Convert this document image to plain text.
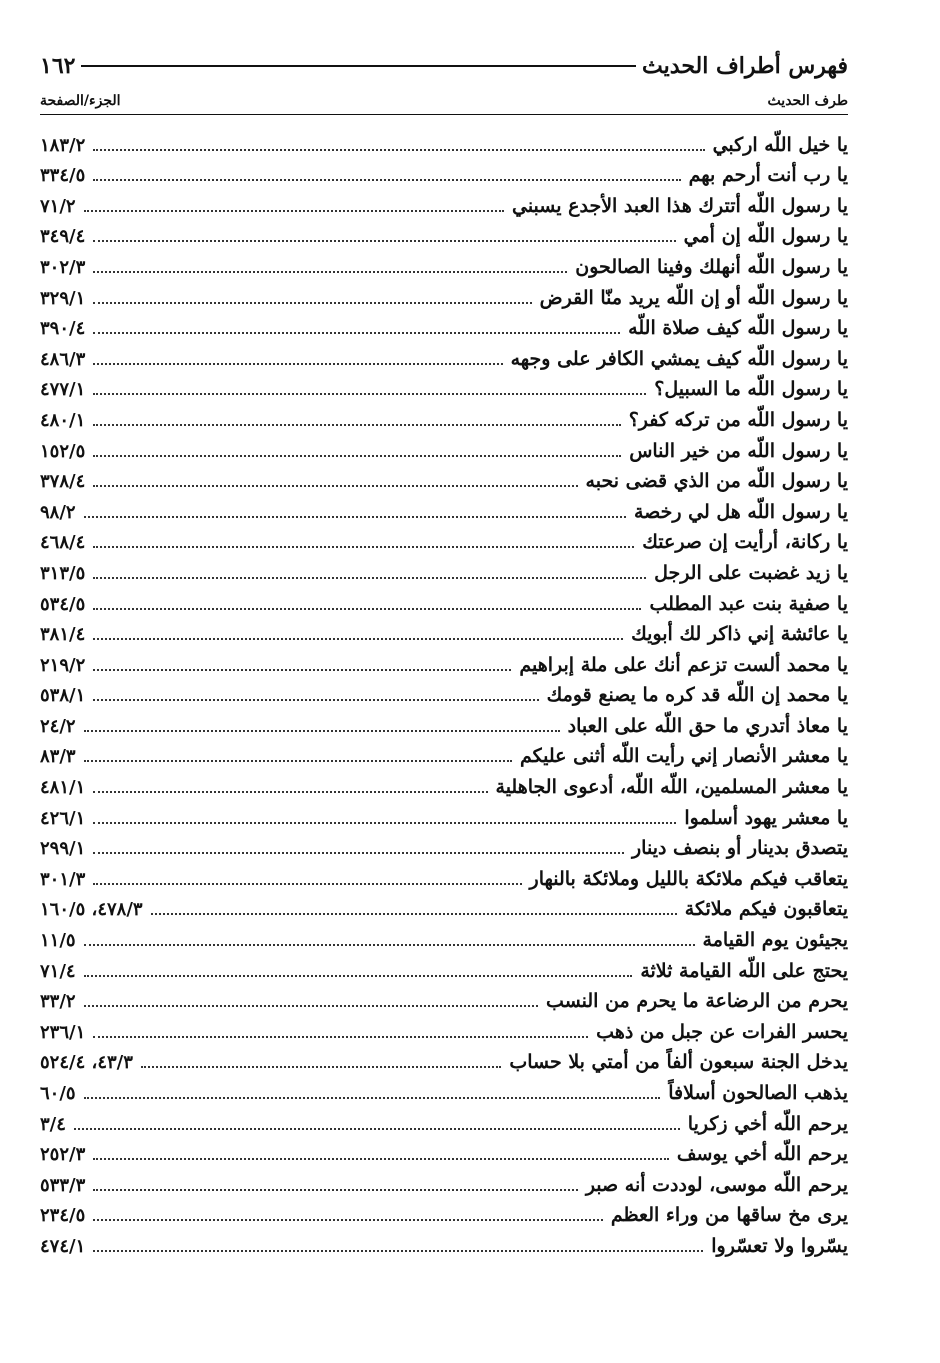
فهرس أطراف الحديث
١٦٢
طرف الحديث
الجزء/الصفحة
يا خيل اللّه اركبي
١٨٣/٢
يا رب أنت أرحم بهم
٣٣٤/٥
يا رسول اللّه أتترك هذا العبد الأجدع يسبني
٧١/٢
يا رسول اللّه إن أمي
٣٤٩/٤
يا رسول اللّه أنهلك وفينا الصالحون
٣٠٢/٣
يا رسول اللّه أو إن اللّه يريد منّا القرض
٣٢٩/١
يا رسول اللّه كيف صلاة اللّه
٣٩٠/٤
يا رسول اللّه كيف يمشي الكافر على وجهه
٤٨٦/٣
يا رسول اللّه ما السبيل؟
٤٧٧/١
يا رسول اللّه من تركه كفر؟
٤٨٠/١
يا رسول اللّه من خير الناس
١٥٢/٥
يا رسول اللّه من الذي قضى نحبه
٣٧٨/٤
يا رسول اللّه هل لي رخصة
٩٨/٢
يا ركانة، أرأيت إن صرعتك
٤٦٨/٤
يا زيد غضبت على الرجل
٣١٣/٥
يا صفية بنت عبد المطلب
٥٣٤/٥
يا عائشة إني ذاكر لك أبويك
٣٨١/٤
يا محمد ألست تزعم أنك على ملة إبراهيم
٢١٩/٢
يا محمد إن اللّه قد كره ما يصنع قومك
٥٣٨/١
يا معاذ أتدري ما حق اللّه على العباد
٢٤/٢
يا معشر الأنصار إني رأيت اللّه أثنى عليكم
٨٣/٣
يا معشر المسلمين، اللّه اللّه، أدعوى الجاهلية
٤٨١/١
يا معشر يهود أسلموا
٤٢٦/١
يتصدق بدينار أو بنصف دينار
٢٩٩/١
يتعاقب فيكم ملائكة بالليل وملائكة بالنهار
٣٠١/٣
يتعاقبون فيكم ملائكة
٤٧٨/٣، ١٦٠/٥
يجيئون يوم القيامة
١١/٥
يحتج على اللّه القيامة ثلاثة
٧١/٤
يحرم من الرضاعة ما يحرم من النسب
٣٣/٢
يحسر الفرات عن جبل من ذهب
٢٣٦/١
يدخل الجنة سبعون ألفاً من أمتي بلا حساب
٤٣/٣، ٥٢٤/٤
يذهب الصالحون أسلافاً
٦٠/٥
يرحم اللّه أخي زكريا
٣/٤
يرحم اللّه أخي يوسف
٢٥٢/٣
يرحم اللّه موسى، لوددت أنه صبر
٥٣٣/٣
يرى مخ ساقها من وراء العظم
٢٣٤/٥
يسّروا ولا تعسّروا
٤٧٤/١
